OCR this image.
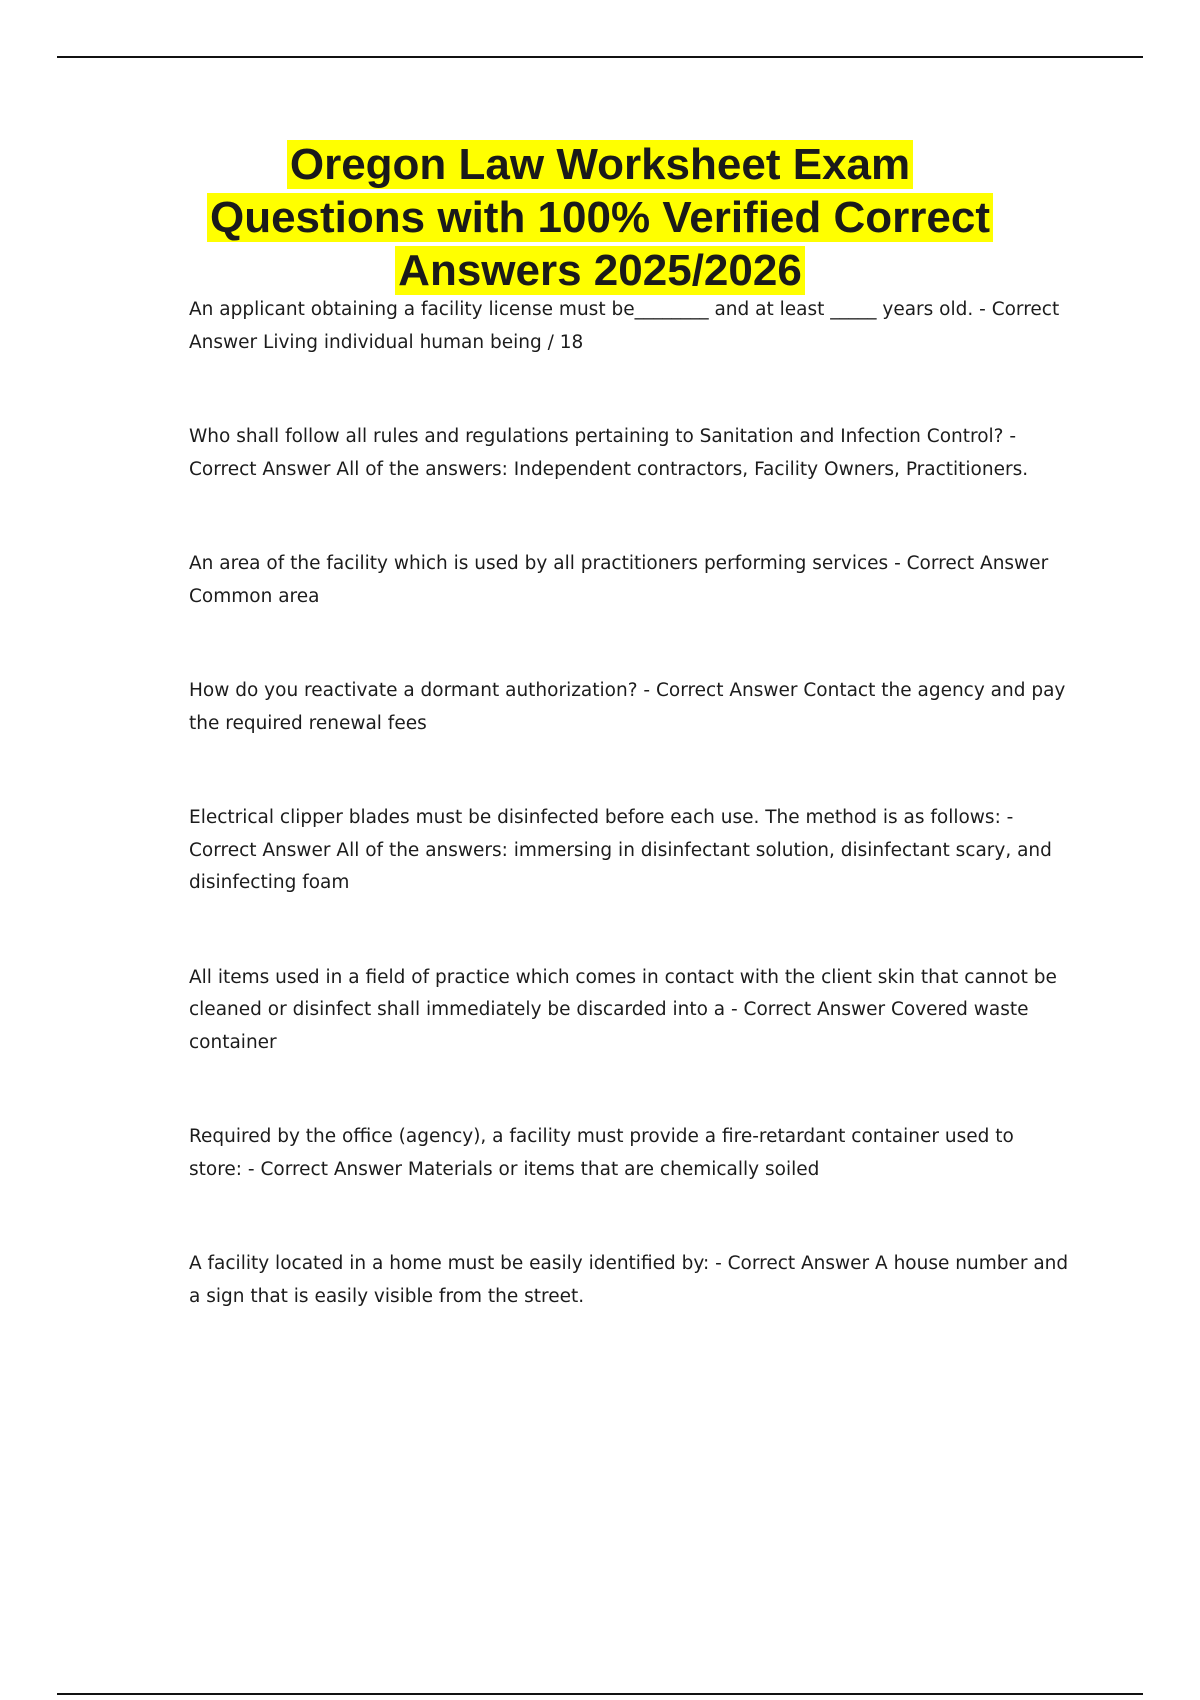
Oregon Law Worksheet Exam
Questions with 100% Verified Correct
Answers 2025/2026
An applicant obtaining a facility license must be________ and at least _____ years old. - Correct Answer Living individual human being / 18
Who shall follow all rules and regulations pertaining to Sanitation and Infection Control? - Correct Answer All of the answers: Independent contractors, Facility Owners, Practitioners.
An area of the facility which is used by all practitioners performing services - Correct Answer Common area
How do you reactivate a dormant authorization? - Correct Answer Contact the agency and pay the required renewal fees
Electrical clipper blades must be disinfected before each use. The method is as follows: - Correct Answer All of the answers: immersing in disinfectant solution, disinfectant scary, and disinfecting foam
All items used in a field of practice which comes in contact with the client skin that cannot be cleaned or disinfect shall immediately be discarded into a - Correct Answer Covered waste container
Required by the office (agency), a facility must provide a fire-retardant container used to store: - Correct Answer Materials or items that are chemically soiled
A facility located in a home must be easily identified by: - Correct Answer A house number and a sign that is easily visible from the street.
